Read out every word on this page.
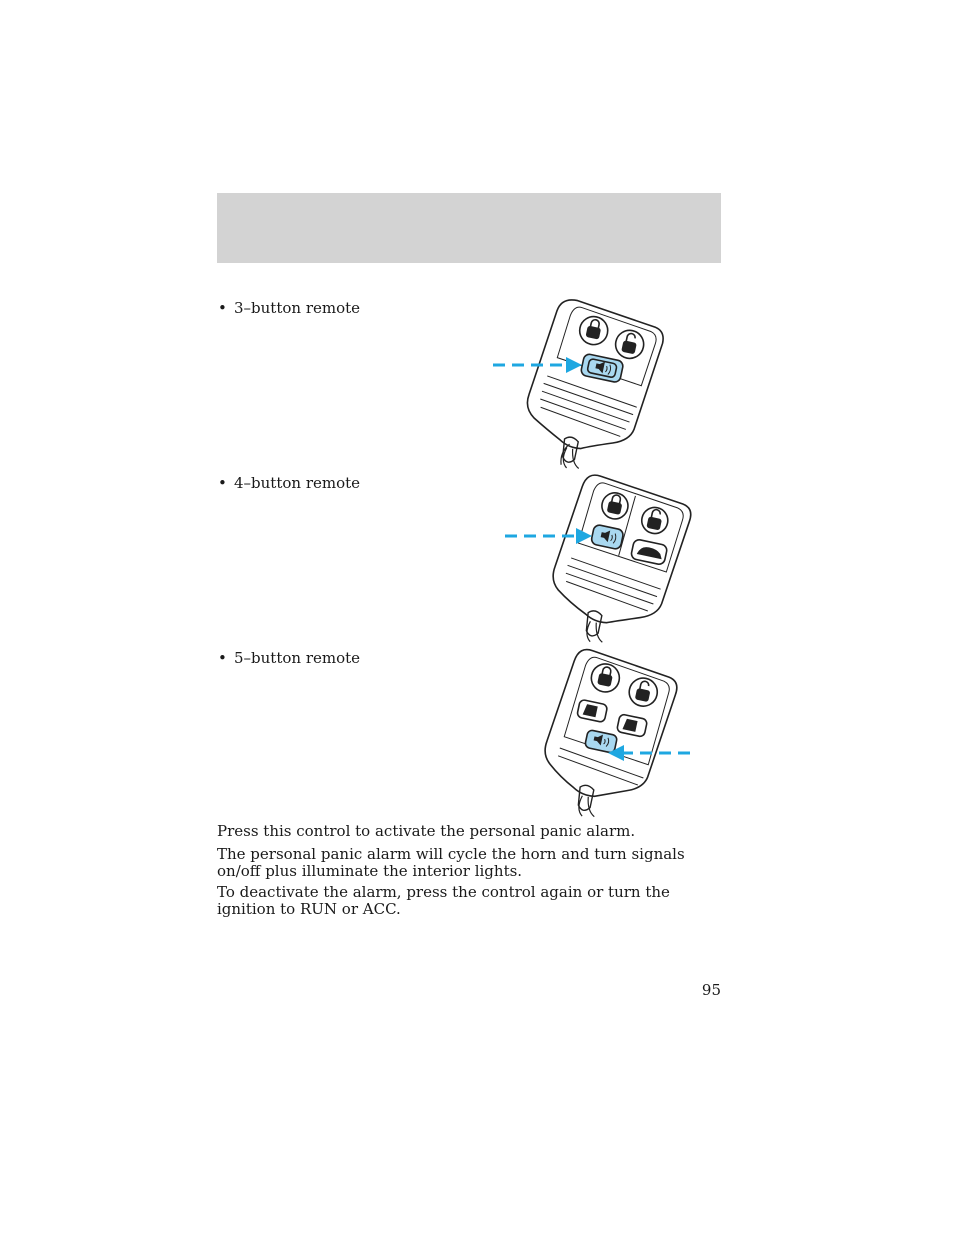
• 3–button remote
• 4–button remote
• 5–button remote

Press this control to activate the personal panic alarm.

The personal panic alarm will cycle the horn and turn signals on/off plus illuminate the interior lights.

To deactivate the alarm, press the control again or turn the ignition to RUN or ACC.

95
